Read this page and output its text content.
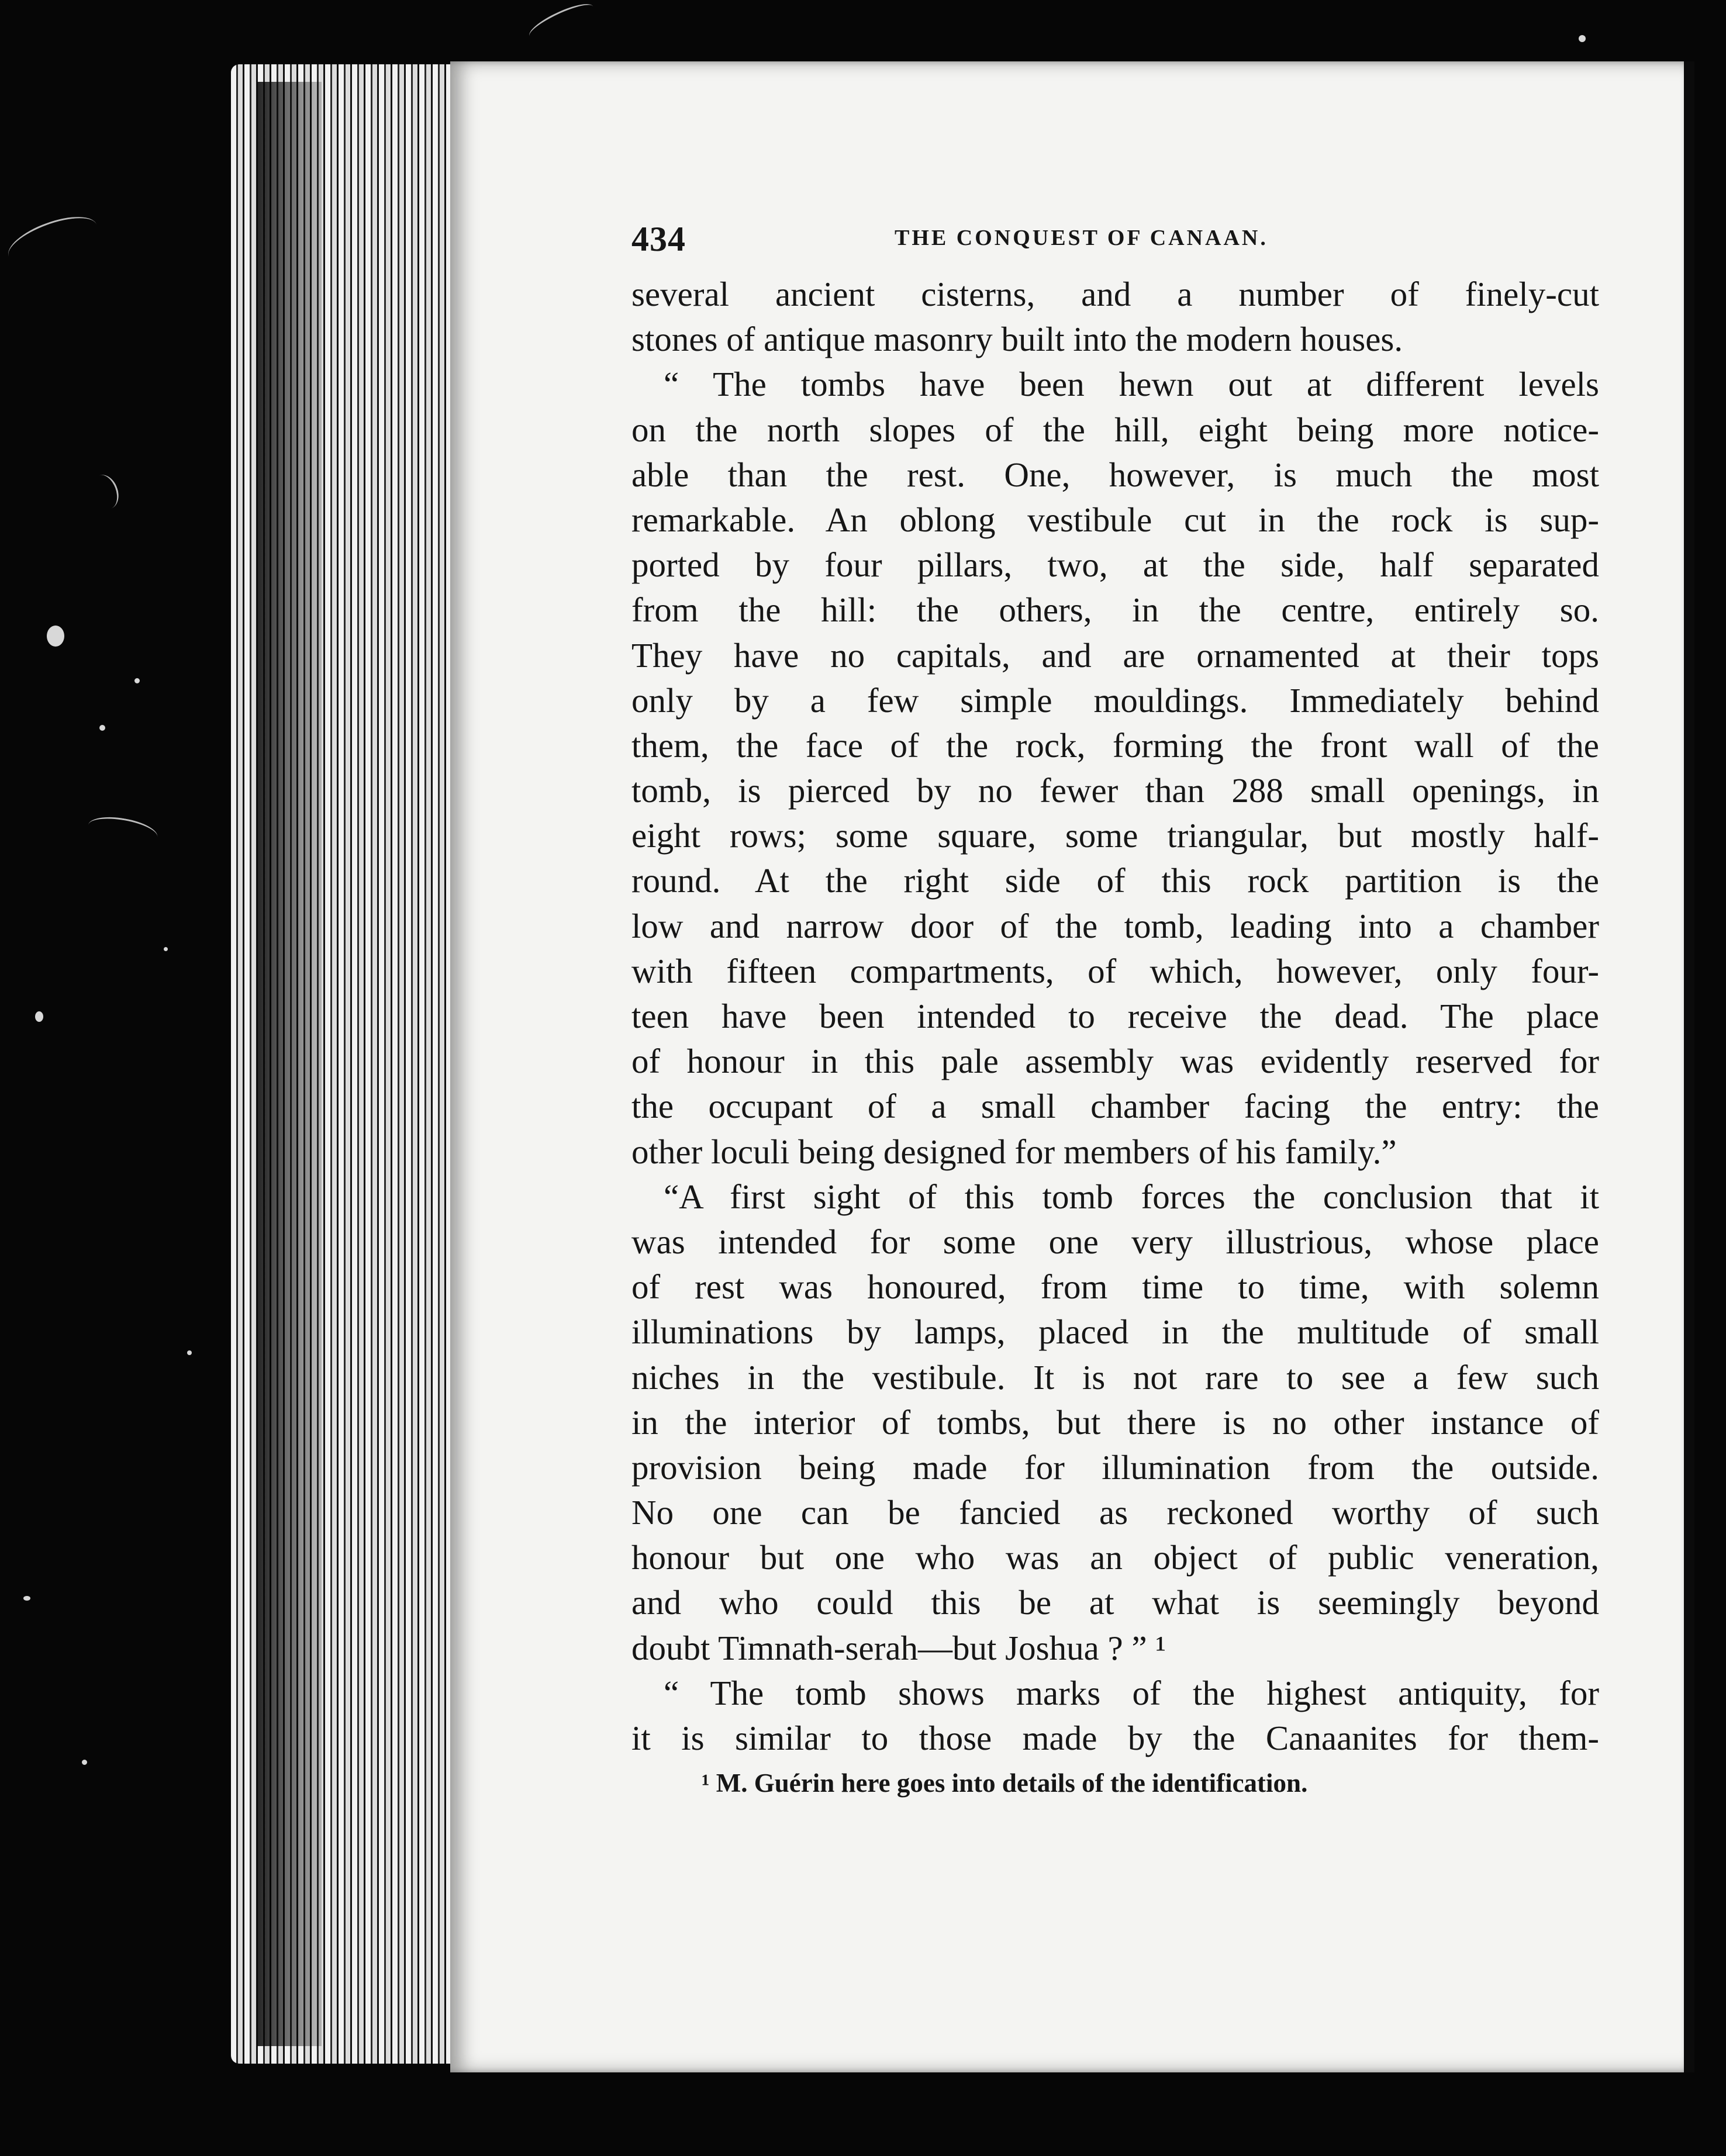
434	THE CONQUEST OF CANAAN.
several ancient cisterns, and a number of finely-cut
stones of antique masonry built into the modern houses.
“ The tombs have been hewn out at different levels
on the north slopes of the hill, eight being more notice-
able than the rest. One, however, is much the most
remarkable. An oblong vestibule cut in the rock is sup-
ported by four pillars, two, at the side, half separated
from the hill: the others, in the centre, entirely so.
They have no capitals, and are ornamented at their tops
only by a few simple mouldings. Immediately behind
them, the face of the rock, forming the front wall of the
tomb, is pierced by no fewer than 288 small openings, in
eight rows; some square, some triangular, but mostly half-
round. At the right side of this rock partition is the
low and narrow door of the tomb, leading into a chamber
with fifteen compartments, of which, however, only four-
teen have been intended to receive the dead. The place
of honour in this pale assembly was evidently reserved for
the occupant of a small chamber facing the entry: the
other loculi being designed for members of his family.”
“A first sight of this tomb forces the conclusion that it
was intended for some one very illustrious, whose place
of rest was honoured, from time to time, with solemn
illuminations by lamps, placed in the multitude of small
niches in the vestibule. It is not rare to see a few such
in the interior of tombs, but there is no other instance of
provision being made for illumination from the outside.
No one can be fancied as reckoned worthy of such
honour but one who was an object of public veneration,
and who could this be at what is seemingly beyond
doubt Timnath-serah—but Joshua ? ” ¹
“ The tomb shows marks of the highest antiquity, for
it is similar to those made by the Canaanites for them-
¹ M. Guérin here goes into details of the identification.
